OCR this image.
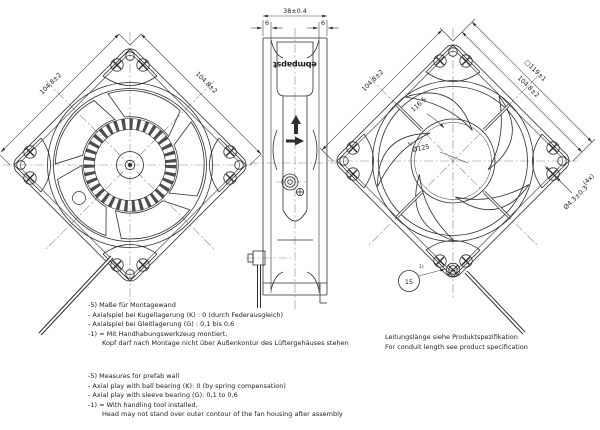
104.8±2	104.8±2
38±0.4
6	6
ebmpapst
104.8±2	□119±1
104.8±2
116.5
5)
Ø125
Ø4.3±0.3
(4x)
15
1)
-5) Maße für Montagewand
- Axialspiel bei Kugellagerung (K) : 0 (durch Federausgleich)
- Axialspiel bei Gleitlagerung (G) : 0,1 bis 0,6
-1) = Mit Handhabungswerkzeug montiert,
Kopf darf nach Montage nicht über Außenkontur des Lüftergehäuses stehen
-5) Measures for prefab wall
- Axial play with ball bearing (K): 0 (by spring compensation)
- Axial play with sleeve bearing (G): 0,1 to 0,6
-1) = With handling tool installed,
Head may not stand over outer contour of the fan housing after assembly
Leitungslänge siehe Produktspezifikation
For conduit length see product specification
